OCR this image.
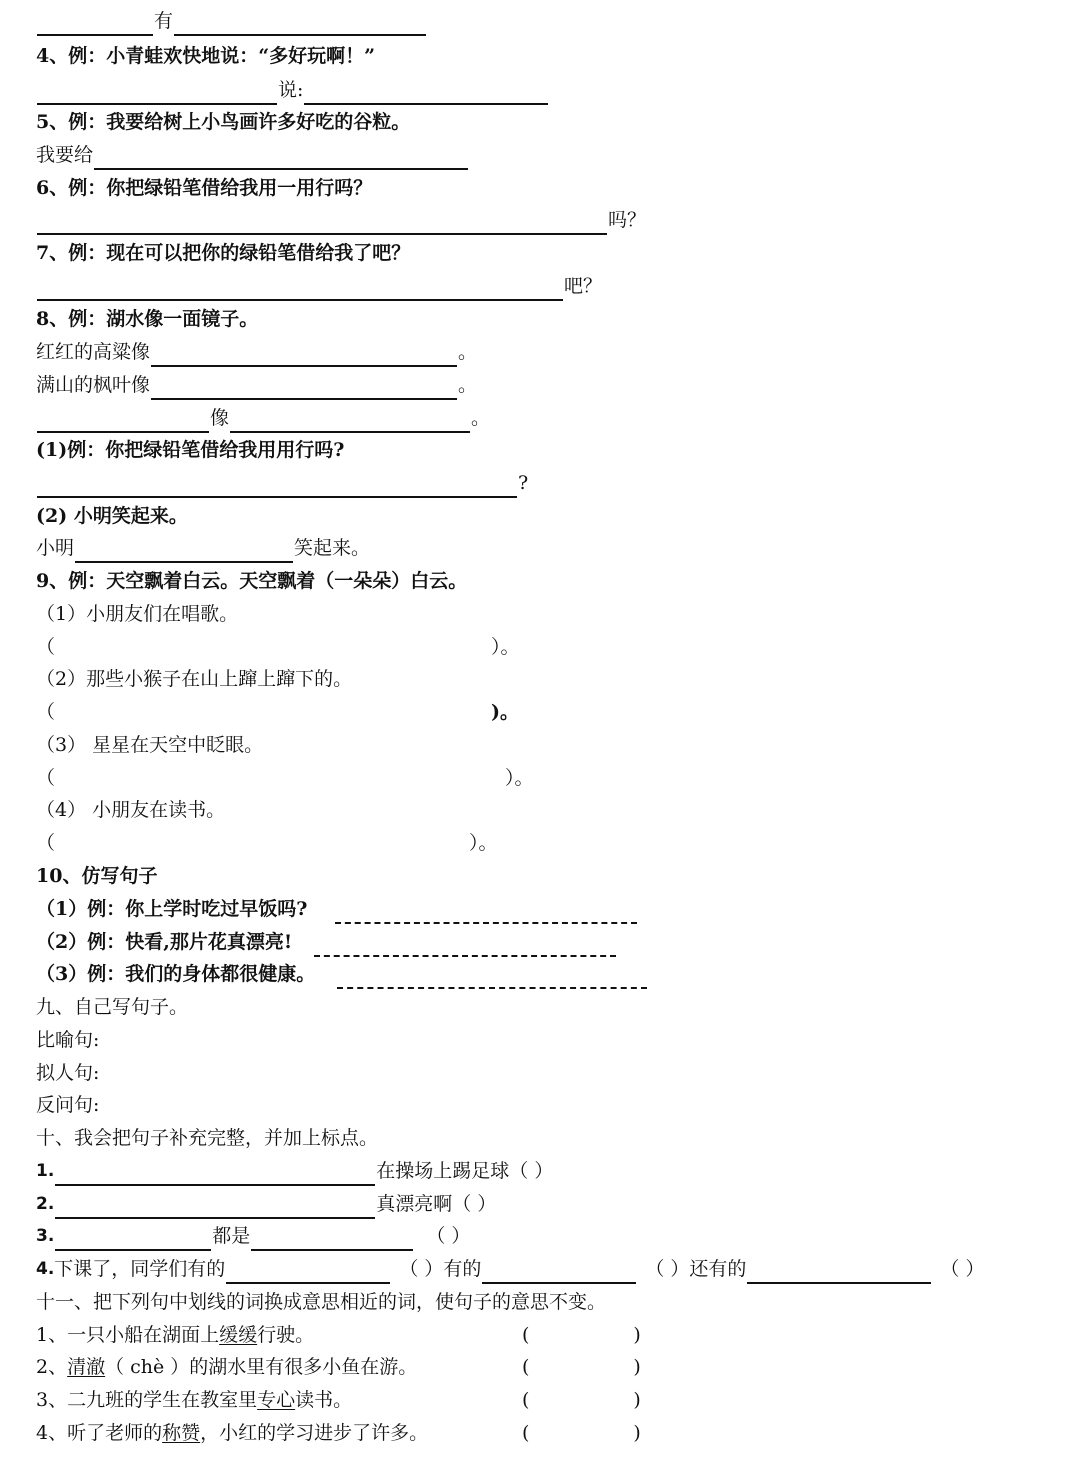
有
4、例：小青蛙欢快地说：“多好玩啊！”
说:
5、例：我要给树上小鸟画许多好吃的谷粒。
我要给
6、例：你把绿铅笔借给我用一用行吗？
吗？
7、例：现在可以把你的绿铅笔借给我了吧？
吧？
8、例：湖水像一面镜子。
红红的高粱像	。
满山的枫叶像	。
像	。
(1)例：你把绿铅笔借给我用用行吗?
?
(2) 小明笑起来。
小明	笑起来。
9、例：天空飘着白云。天空飘着（一朵朵）白云。
（1）小朋友们在唱歌。
（	）。
（2）那些小猴子在山上蹿上蹿下的。
（	)。
（3） 星星在天空中眨眼。
（	）。
（4） 小朋友在读书。
（	）。
10、仿写句子
（1）例：你上学时吃过早饭吗?
（2）例：快看,那片花真漂亮!
（3）例：我们的身体都很健康。
九、自己写句子。
比喻句:
拟人句:
反问句:
十、我会把句子补充完整，并加上标点。
1.	在操场上踢足球（ ）
2.	真漂亮啊（ ）
3.	都是	（ ）
4. 下课了，同学们有的	（ ）有的	（ ）还有的	（ ）
十一、把下列句中划线的词换成意思相近的词，使句子的意思不变。
1、一只小船在湖面上缓缓行驶。	(	)
2、清澈（ chè ）的湖水里有很多小鱼在游。	(	)
3、二九班的学生在教室里专心读书。	(	)
4、听了老师的称赞，小红的学习进步了许多。	(	)
